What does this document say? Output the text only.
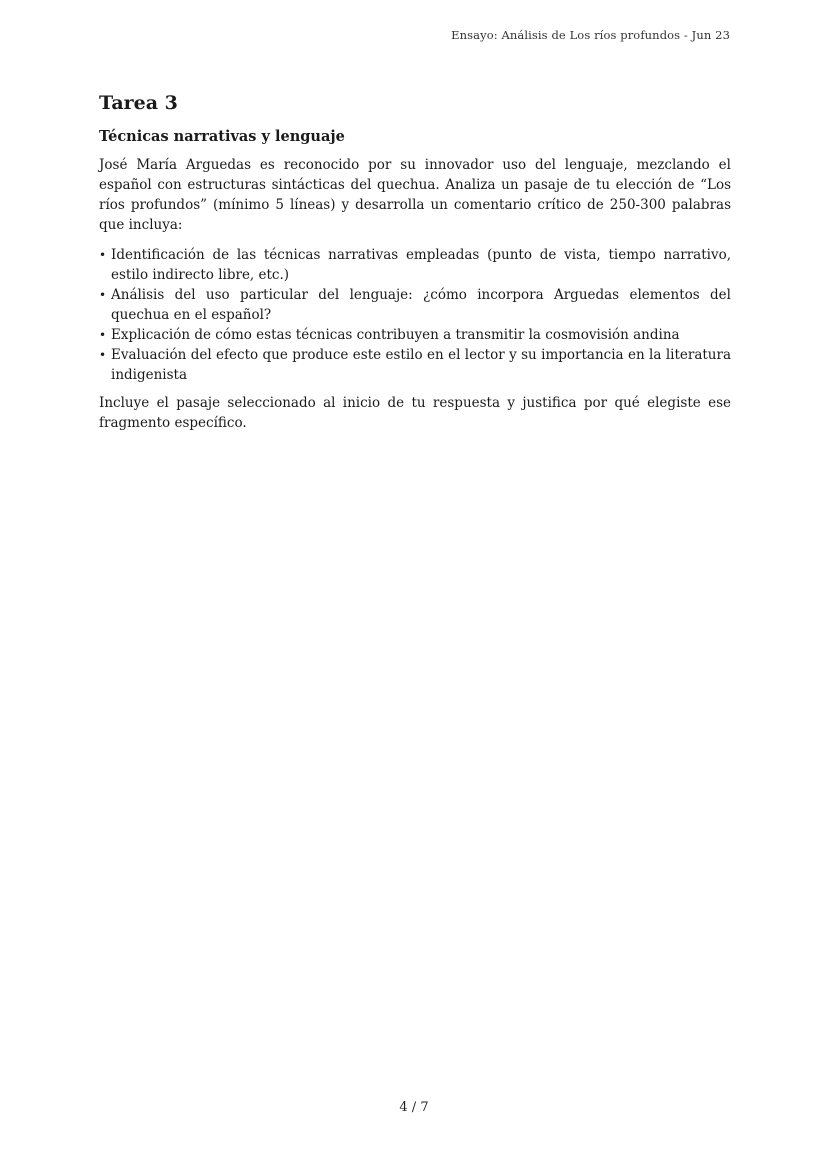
Ensayo: Análisis de Los ríos profundos - Jun 23
Tarea 3
Técnicas narrativas y lenguaje

José María Arguedas es reconocido por su innovador uso del lenguaje, mezclando el español con estructuras sintácticas del quechua. Analiza un pasaje de tu elección de “Los ríos profundos” (mínimo 5 líneas) y desarrolla un comentario crítico de 250-300 palabras que incluya:

• Identificación de las técnicas narrativas empleadas (punto de vista, tiempo narrativo, estilo indirecto libre, etc.)
• Análisis del uso particular del lenguaje: ¿cómo incorpora Arguedas elementos del quechua en el español?
• Explicación de cómo estas técnicas contribuyen a transmitir la cosmovisión andina
• Evaluación del efecto que produce este estilo en el lector y su importancia en la literatura indigenista

Incluye el pasaje seleccionado al inicio de tu respuesta y justifica por qué elegiste ese fragmento específico.

4 / 7
